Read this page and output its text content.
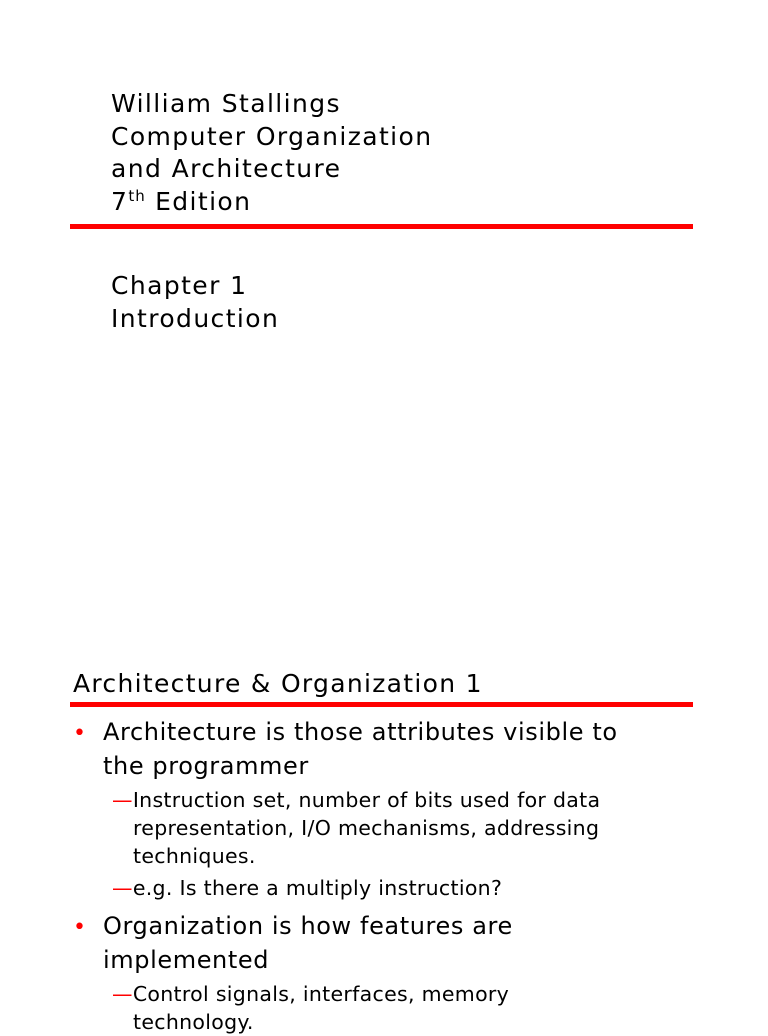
William Stallings
Computer Organization
and Architecture
7th Edition
Chapter 1
Introduction
Architecture & Organization 1
• Architecture is those attributes visible to
the programmer
—Instruction set, number of bits used for data
representation, I/O mechanisms, addressing
techniques.
—e.g. Is there a multiply instruction?
• Organization is how features are
implemented
—Control signals, interfaces, memory
technology.
